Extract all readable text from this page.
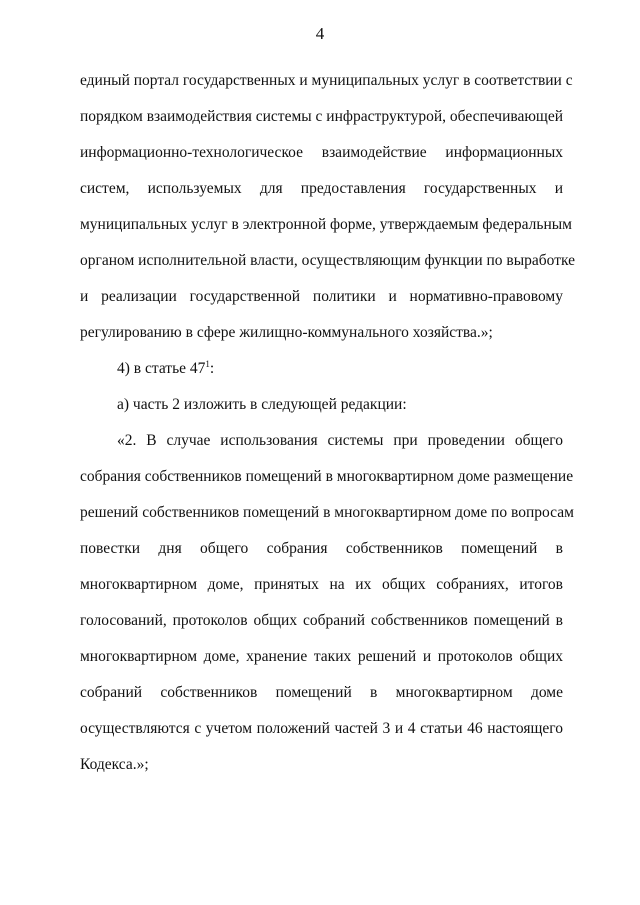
4
единый портал государственных и муниципальных услуг в соответствии с
порядком взаимодействия системы с инфраструктурой, обеспечивающей
информационно-технологическое взаимодействие информационных
систем, используемых для предоставления государственных и
муниципальных услуг в электронной форме, утверждаемым федеральным
органом исполнительной власти, осуществляющим функции по выработке
и реализации государственной политики и нормативно-правовому
регулированию в сфере жилищно-коммунального хозяйства.»;
4) в статье $47^1$:
а) часть 2 изложить в следующей редакции:
«2. В случае использования системы при проведении общего
собрания собственников помещений в многоквартирном доме размещение
решений собственников помещений в многоквартирном доме по вопросам
повестки дня общего собрания собственников помещений в
многоквартирном доме, принятых на их общих собраниях, итогов
голосований, протоколов общих собраний собственников помещений в
многоквартирном доме, хранение таких решений и протоколов общих
собраний собственников помещений в многоквартирном доме
осуществляются с учетом положений частей 3 и 4 статьи 46 настоящего
Кодекса.»;
